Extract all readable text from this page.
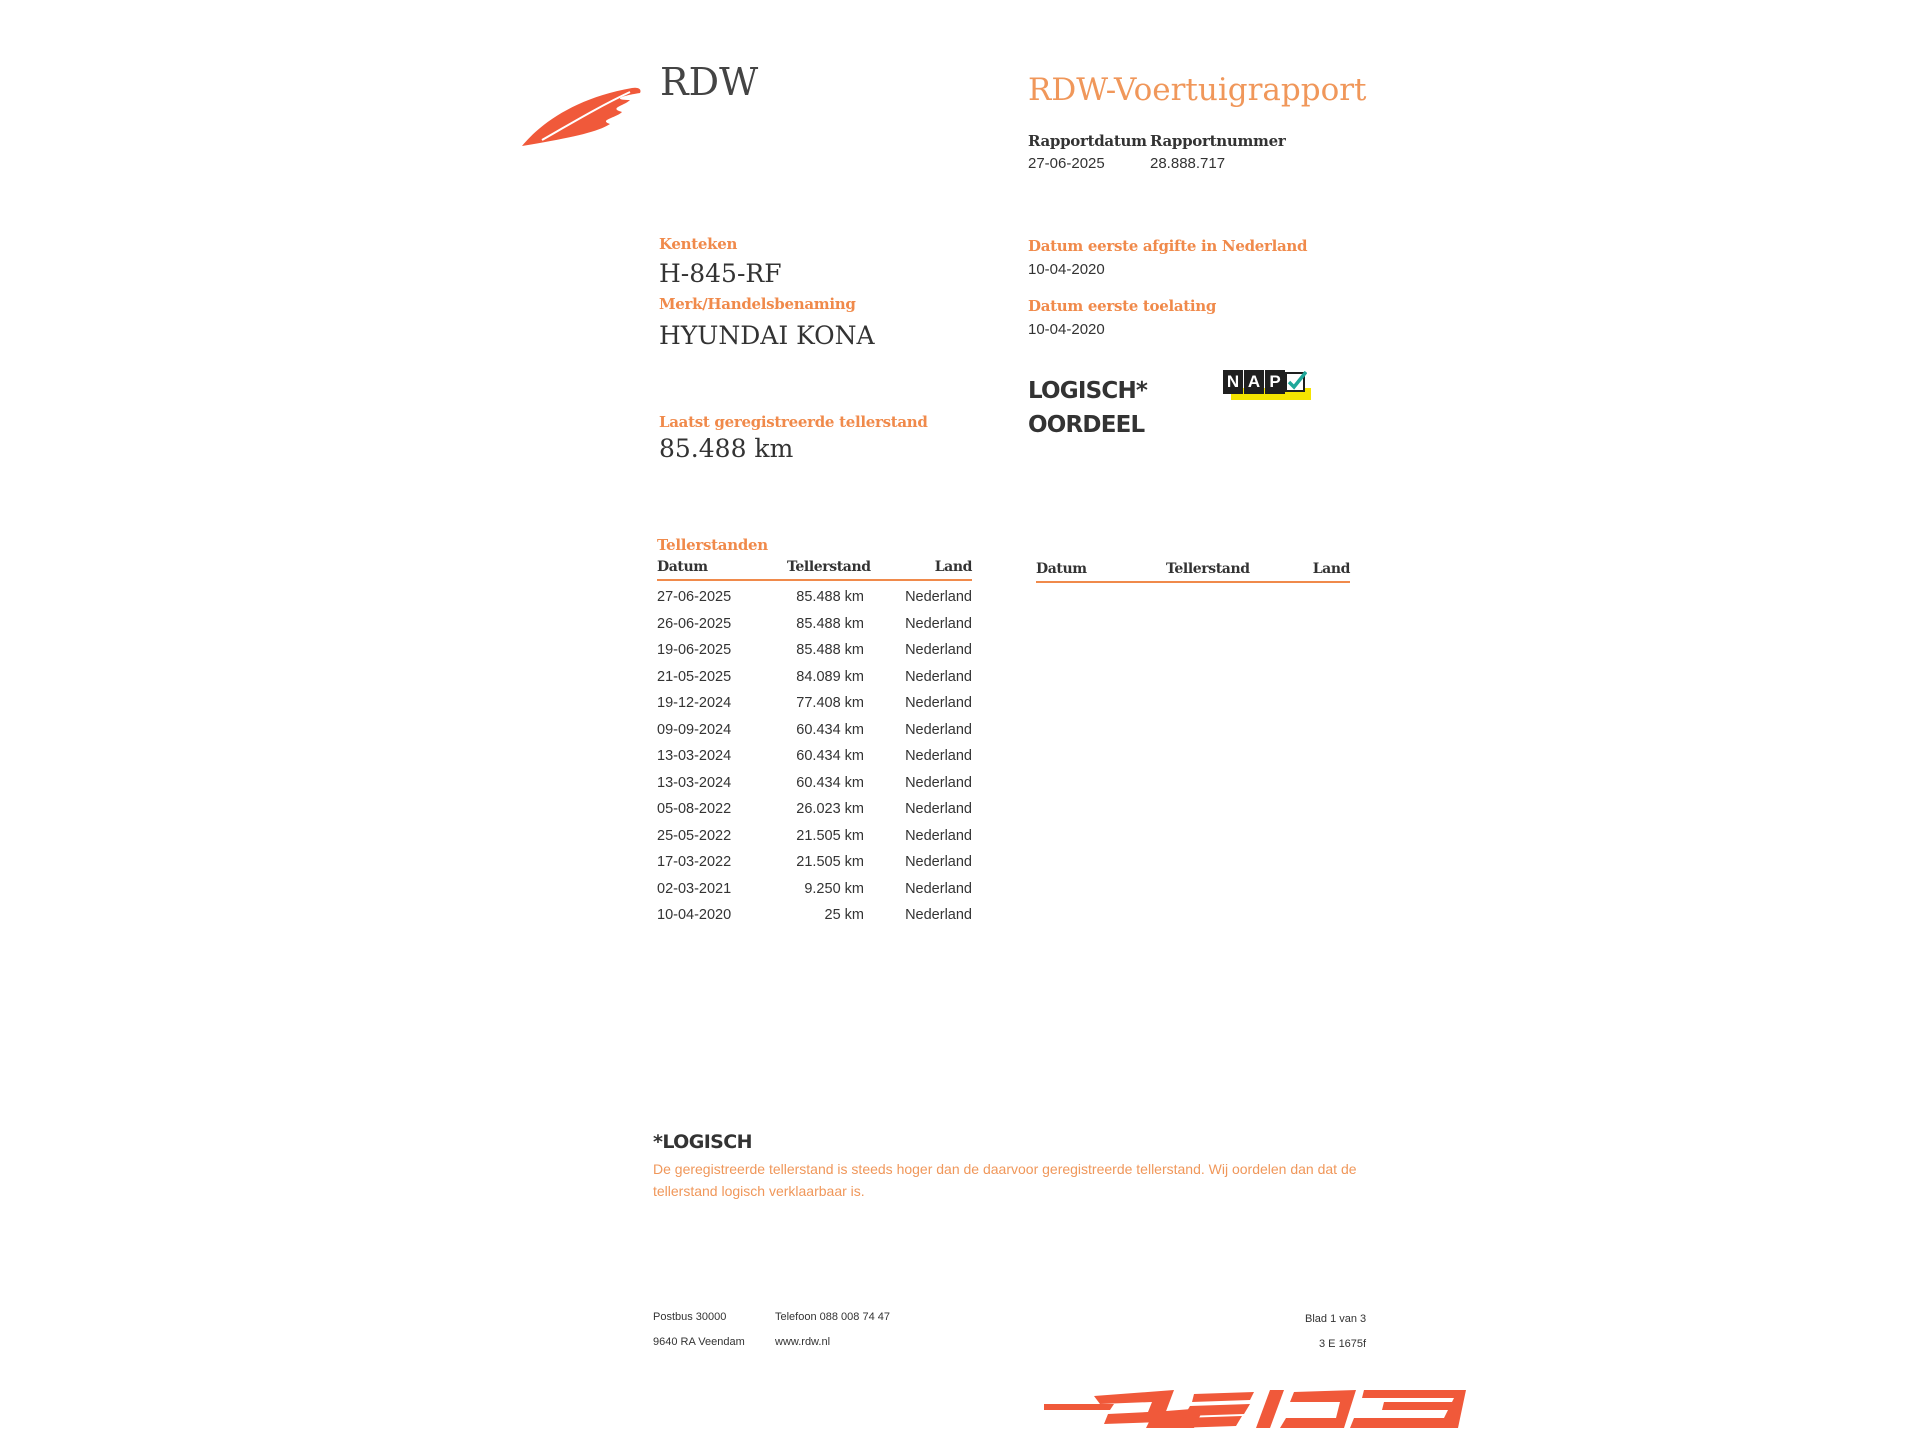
RDW	RDW-Voertuigrapport
Rapportdatum
27-06-2025
Rapportnummer
28.888.717
Kenteken
H-845-RF
Merk/Handelsbenaming
HYUNDAI KONA
Laatst geregistreerde tellerstand
85.488 km
Datum eerste afgifte in Nederland
10-04-2020
Datum eerste toelating
10-04-2020
LOGISCH*
OORDEEL
N A P
Tellerstanden
Datum	Tellerstand	Land
27-06-2025	85.488 km	Nederland
26-06-2025	85.488 km	Nederland
19-06-2025	85.488 km	Nederland
21-05-2025	84.089 km	Nederland
19-12-2024	77.408 km	Nederland
09-09-2024	60.434 km	Nederland
13-03-2024	60.434 km	Nederland
13-03-2024	60.434 km	Nederland
05-08-2022	26.023 km	Nederland
25-05-2022	21.505 km	Nederland
17-03-2022	21.505 km	Nederland
02-03-2021	9.250 km	Nederland
10-04-2020	25 km	Nederland
Datum	Tellerstand	Land
*LOGISCH
De geregistreerde tellerstand is steeds hoger dan de daarvoor geregistreerde tellerstand. Wij oordelen dan dat de tellerstand logisch verklaarbaar is.
Postbus 30000
9640 RA Veendam
Telefoon 088 008 74 47
www.rdw.nl
Blad 1 van 3
3 E 1675f
